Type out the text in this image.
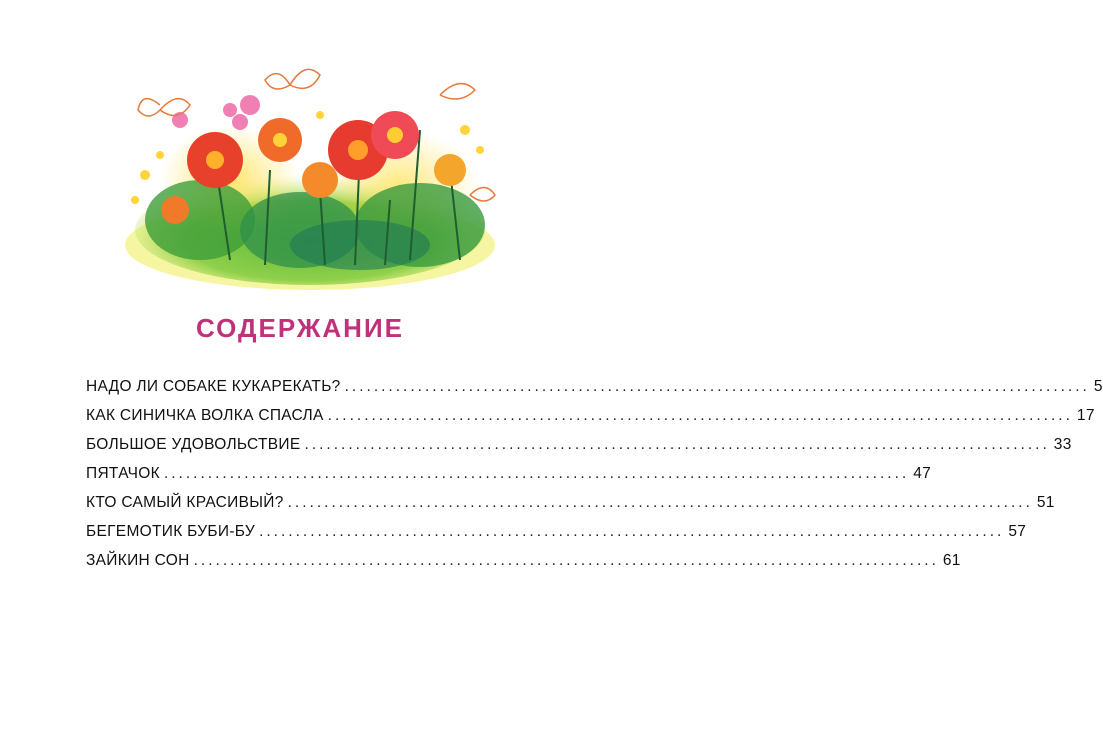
СОДЕРЖАНИЕ
НАДО ЛИ СОБАКЕ КУКАРЕКАТЬ? ...................................................................................................... 5
КАК СИНИЧКА ВОЛКА СПАСЛА ...................................................................................................... 17
БОЛЬШОЕ УДОВОЛЬСТВИЕ ...................................................................................................... 33
ПЯТАЧОК ...................................................................................................... 47
КТО САМЫЙ КРАСИВЫЙ? ...................................................................................................... 51
БЕГЕМОТИК БУБИ-БУ ...................................................................................................... 57
ЗАЙКИН СОН ...................................................................................................... 61
